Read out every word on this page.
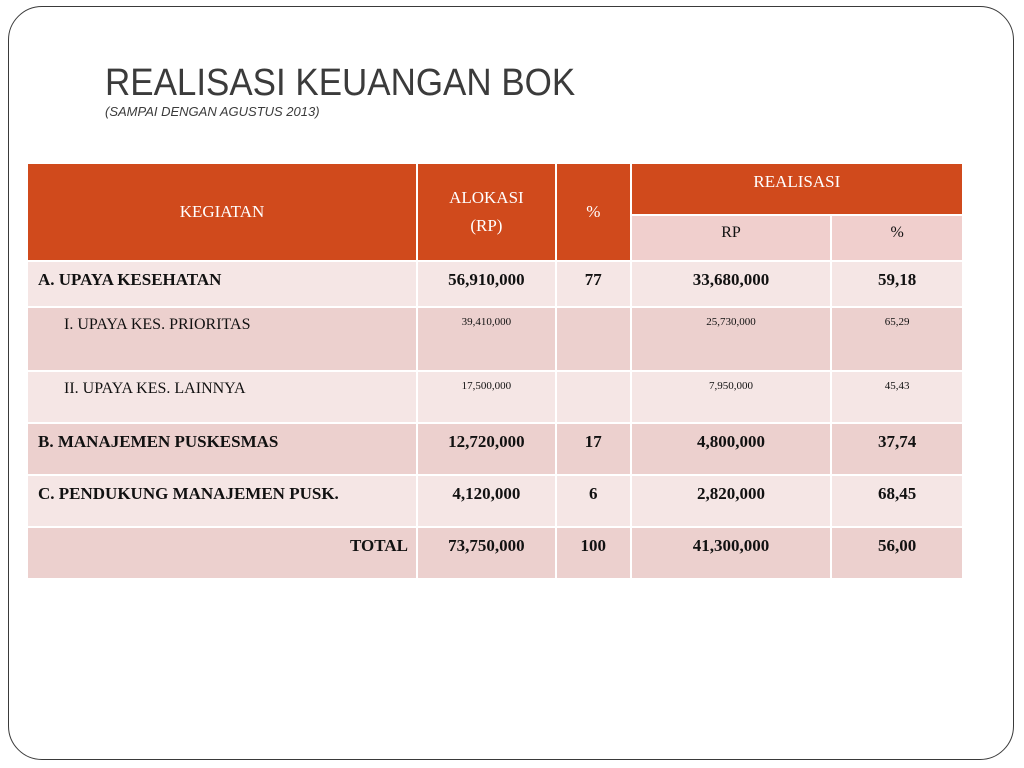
REALISASI KEUANGAN BOK
(SAMPAI DENGAN AGUSTUS 2013)
KEGIATAN	ALOKASI (RP)	%	REALISASI	
			RP	%
A. UPAYA KESEHATAN	56,910,000	77	33,680,000	59,18
I. UPAYA KES. PRIORITAS	39,410,000		25,730,000	65,29
II. UPAYA KES. LAINNYA	17,500,000		7,950,000	45,43
B. MANAJEMEN PUSKESMAS	12,720,000	17	4,800,000	37,74
C. PENDUKUNG MANAJEMEN PUSK.	4,120,000	6	2,820,000	68,45
TOTAL	73,750,000	100	41,300,000	56,00
